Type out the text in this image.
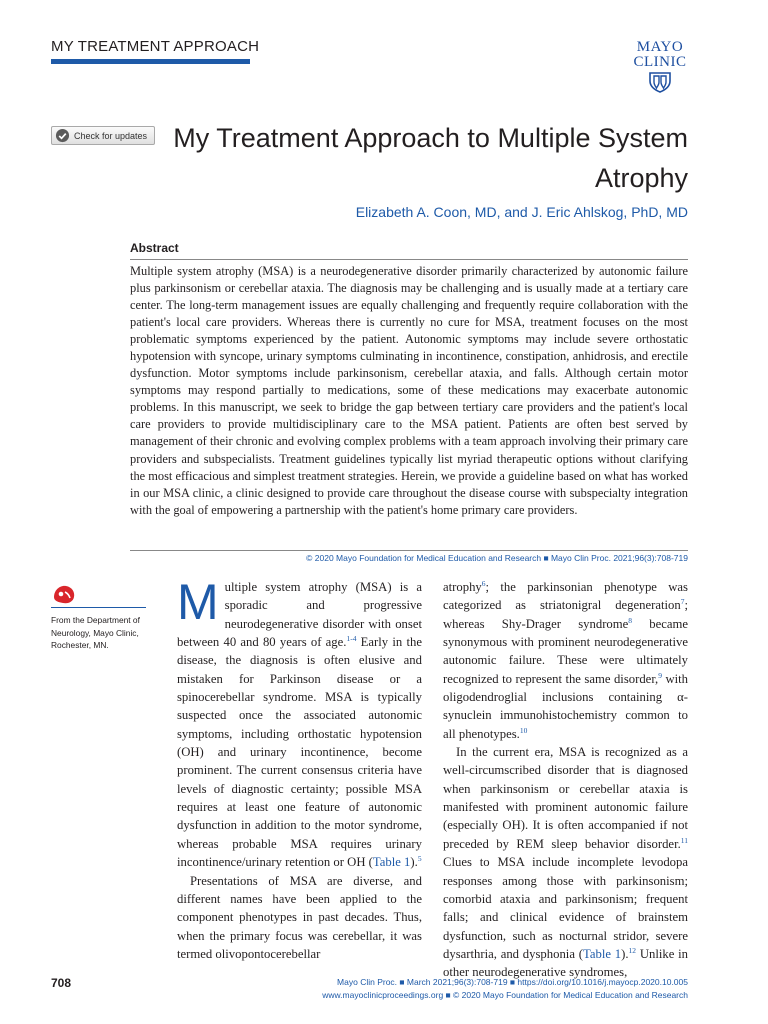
MY TREATMENT APPROACH	MAYO
CLINIC
Check for updates My Treatment Approach to Multiple System Atrophy
Elizabeth A. Coon, MD, and J. Eric Ahlskog, PhD, MD
Abstract

Multiple system atrophy (MSA) is a neurodegenerative disorder primarily characterized by autonomic failure plus parkinsonism or cerebellar ataxia. The diagnosis may be challenging and is usually made at a tertiary care center. The long-term management issues are equally challenging and frequently require collaboration with the patient's local care providers. Whereas there is currently no cure for MSA, treatment focuses on the most problematic symptoms experienced by the patient. Autonomic symptoms may include severe orthostatic hypotension with syncope, urinary symptoms culminating in incontinence, constipation, anhidrosis, and erectile dysfunction. Motor symptoms include parkinsonism, cerebellar ataxia, and falls. Although certain motor symptoms may respond partially to medications, some of these medications may exacerbate autonomic problems. In this manuscript, we seek to bridge the gap between tertiary care providers and the patient's local care providers to provide multidisciplinary care to the MSA patient. Patients are often best served by management of their chronic and evolving complex problems with a team approach involving their primary care providers and subspecialists. Treatment guidelines typically list myriad therapeutic options without clarifying the most efficacious and simplest treatment strategies. Herein, we provide a guideline based on what has worked in our MSA clinic, a clinic designed to provide care throughout the disease course with subspecialty integration with the goal of empowering a partnership with the patient's home primary care providers.

© 2020 Mayo Foundation for Medical Education and Research ■ Mayo Clin Proc. 2021;96(3):708-719
From the Department of Neurology, Mayo Clinic, Rochester, MN.

Multiple system atrophy (MSA) is a sporadic and progressive neurodegenerative disorder with onset between 40 and 80 years of age.$^{1-4}$ Early in the disease, the diagnosis is often elusive and mistaken for Parkinson disease or a spinocerebellar syndrome. MSA is typically suspected once the associated autonomic symptoms, including orthostatic hypotension (OH) and urinary incontinence, become prominent. The current consensus criteria have levels of diagnostic certainty; possible MSA requires at least one feature of autonomic dysfunction in addition to the motor syndrome, whereas probable MSA requires urinary incontinence/urinary retention or OH (Table 1).$^5$

Presentations of MSA are diverse, and different names have been applied to the component phenotypes in past decades. Thus, when the primary focus was cerebellar, it was termed olivopontocerebellar

atrophy$^6$; the parkinsonian phenotype was categorized as striatonigral degeneration$^7$; whereas Shy-Drager syndrome$^8$ became synonymous with prominent neurodegenerative autonomic failure. These were ultimately recognized to represent the same disorder,$^9$ with oligodendroglial inclusions containing α-synuclein immunohistochemistry common to all phenotypes.$^{10}$

In the current era, MSA is recognized as a well-circumscribed disorder that is diagnosed when parkinsonism or cerebellar ataxia is manifested with prominent autonomic failure (especially OH). It is often accompanied if not preceded by REM sleep behavior disorder.$^{11}$ Clues to MSA include incomplete levodopa responses among those with parkinsonism; comorbid ataxia and parkinsonism; frequent falls; and clinical evidence of brainstem dysfunction, such as nocturnal stridor, severe dysarthria, and dysphonia (Table 1).$^{12}$ Unlike in other neurodegenerative syndromes,

708	Mayo Clin Proc. ■ March 2021;96(3):708-719 ■ https://doi.org/10.1016/j.mayocp.2020.10.005
www.mayoclinicproceedings.org ■ © 2020 Mayo Foundation for Medical Education and Research
